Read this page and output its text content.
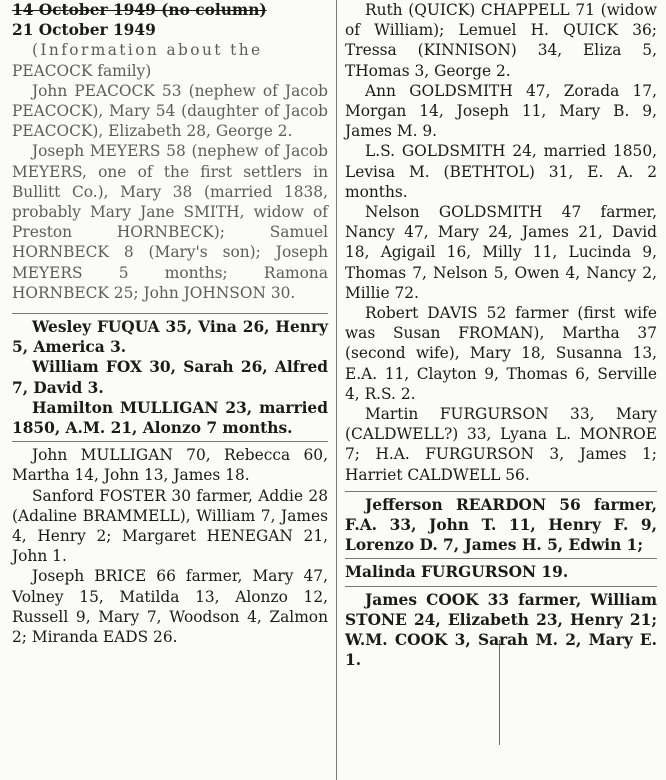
14 October 1949 (no column)

21 October 1949

(Information about the

PEACOCK family)

John PEACOCK 53 (nephew of Jacob PEACOCK), Mary 54 (daughter of Jacob PEACOCK), Elizabeth 28, George 2.

Joseph MEYERS 58 (nephew of Jacob MEYERS, one of the first settlers in Bullitt Co.), Mary 38 (married 1838, probably Mary Jane SMITH, widow of Preston HORNBECK); Samuel HORNBECK 8 (Mary's son); Joseph MEYERS 5 months; Ramona HORNBECK 25; John JOHNSON 30.

Wesley FUQUA 35, Vina 26, Henry 5, America 3.

William FOX 30, Sarah 26, Alfred 7, David 3.

Hamilton MULLIGAN 23, married 1850, A.M. 21, Alonzo 7 months.

John MULLIGAN 70, Rebecca 60, Martha 14, John 13, James 18.

Sanford FOSTER 30 farmer, Addie 28 (Adaline BRAMMELL), William 7, James 4, Henry 2; Margaret HENEGAN 21, John 1.

Joseph BRICE 66 farmer, Mary 47, Volney 15, Matilda 13, Alonzo 12, Russell 9, Mary 7, Woodson 4, Zalmon 2; Miranda EADS 26.

Ruth (QUICK) CHAPPELL 71 (widow of William); Lemuel H. QUICK 36; Tressa (KINNISON) 34, Eliza 5, THomas 3, George 2.

Ann GOLDSMITH 47, Zorada 17, Morgan 14, Joseph 11, Mary B. 9, James M. 9.

L.S. GOLDSMITH 24, married 1850, Levisa M. (BETHTOL) 31, E. A. 2 months.

Nelson GOLDSMITH 47 farmer, Nancy 47, Mary 24, James 21, David 18, Agigail 16, Milly 11, Lucinda 9, Thomas 7, Nelson 5, Owen 4, Nancy 2, Millie 72.

Robert DAVIS 52 farmer (first wife was Susan FROMAN), Martha 37 (second wife), Mary 18, Susanna 13, E.A. 11, Clayton 9, Thomas 6, Serville 4, R.S. 2.

Martin FURGURSON 33, Mary (CALDWELL?) 33, Lyana L. MONROE 7; H.A. FURGURSON 3, James 1; Harriet CALDWELL 56.

Jefferson REARDON 56 farmer, F.A. 33, John T. 11, Henry F. 9, Lorenzo D. 7, James H. 5, Edwin 1;

Malinda FURGURSON 19.

James COOK 33 farmer, William STONE 24, Elizabeth 23, Henry 21; W.M. COOK 3, Sarah M. 2, Mary E. 1.
